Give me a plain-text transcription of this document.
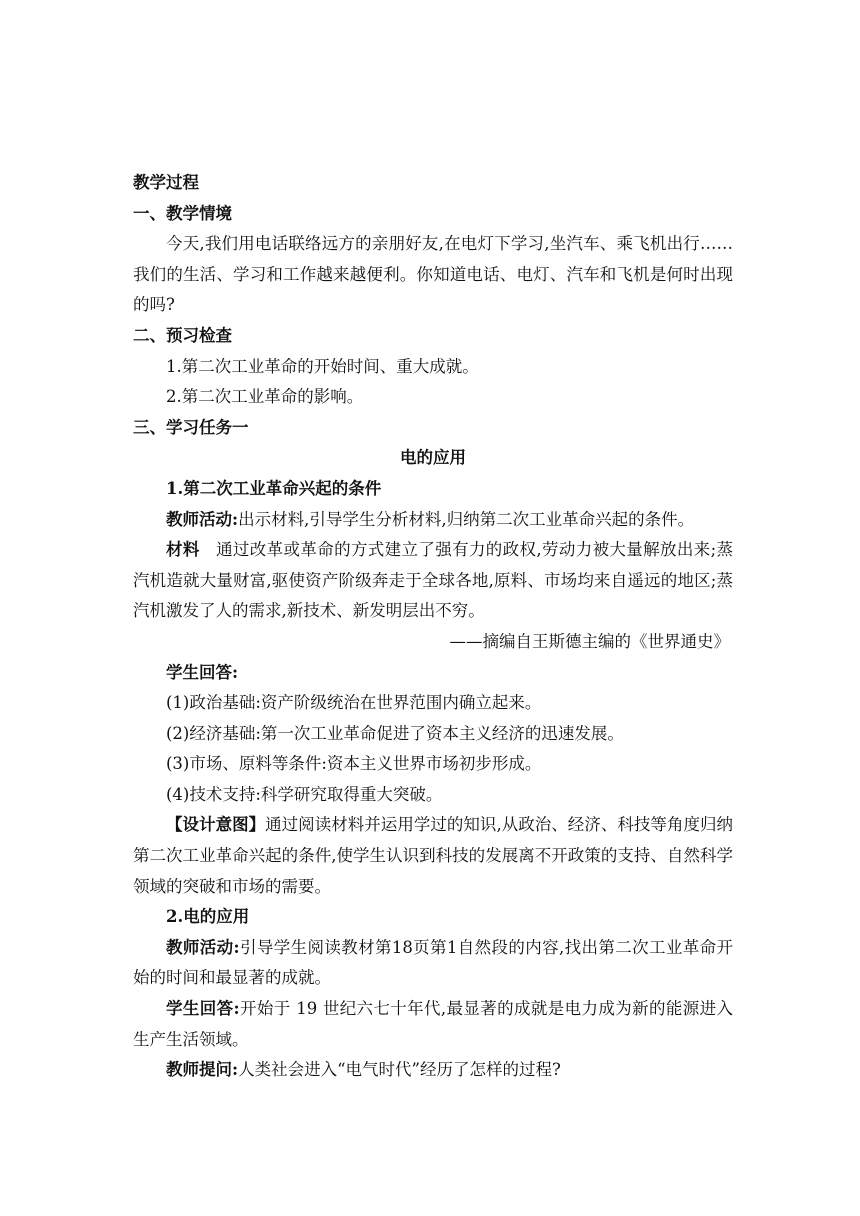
教学过程
一、教学情境
今天,我们用电话联络远方的亲朋好友,在电灯下学习,坐汽车、乘飞机出行……我们的生活、学习和工作越来越便利。你知道电话、电灯、汽车和飞机是何时出现的吗?
二、预习检查
1.第二次工业革命的开始时间、重大成就。
2.第二次工业革命的影响。
三、学习任务一
电的应用
1.第二次工业革命兴起的条件
教师活动:出示材料,引导学生分析材料,归纳第二次工业革命兴起的条件。
材料 通过改革或革命的方式建立了强有力的政权,劳动力被大量解放出来;蒸汽机造就大量财富,驱使资产阶级奔走于全球各地,原料、市场均来自遥远的地区;蒸汽机激发了人的需求,新技术、新发明层出不穷。
——摘编自王斯德主编的《世界通史》
学生回答:
(1)政治基础:资产阶级统治在世界范围内确立起来。
(2)经济基础:第一次工业革命促进了资本主义经济的迅速发展。
(3)市场、原料等条件:资本主义世界市场初步形成。
(4)技术支持:科学研究取得重大突破。
【设计意图】通过阅读材料并运用学过的知识,从政治、经济、科技等角度归纳第二次工业革命兴起的条件,使学生认识到科技的发展离不开政策的支持、自然科学领域的突破和市场的需要。
2.电的应用
教师活动:引导学生阅读教材第18页第1自然段的内容,找出第二次工业革命开始的时间和最显著的成就。
学生回答:开始于 19 世纪六七十年代,最显著的成就是电力成为新的能源进入生产生活领域。
教师提问:人类社会进入“电气时代”经历了怎样的过程?
